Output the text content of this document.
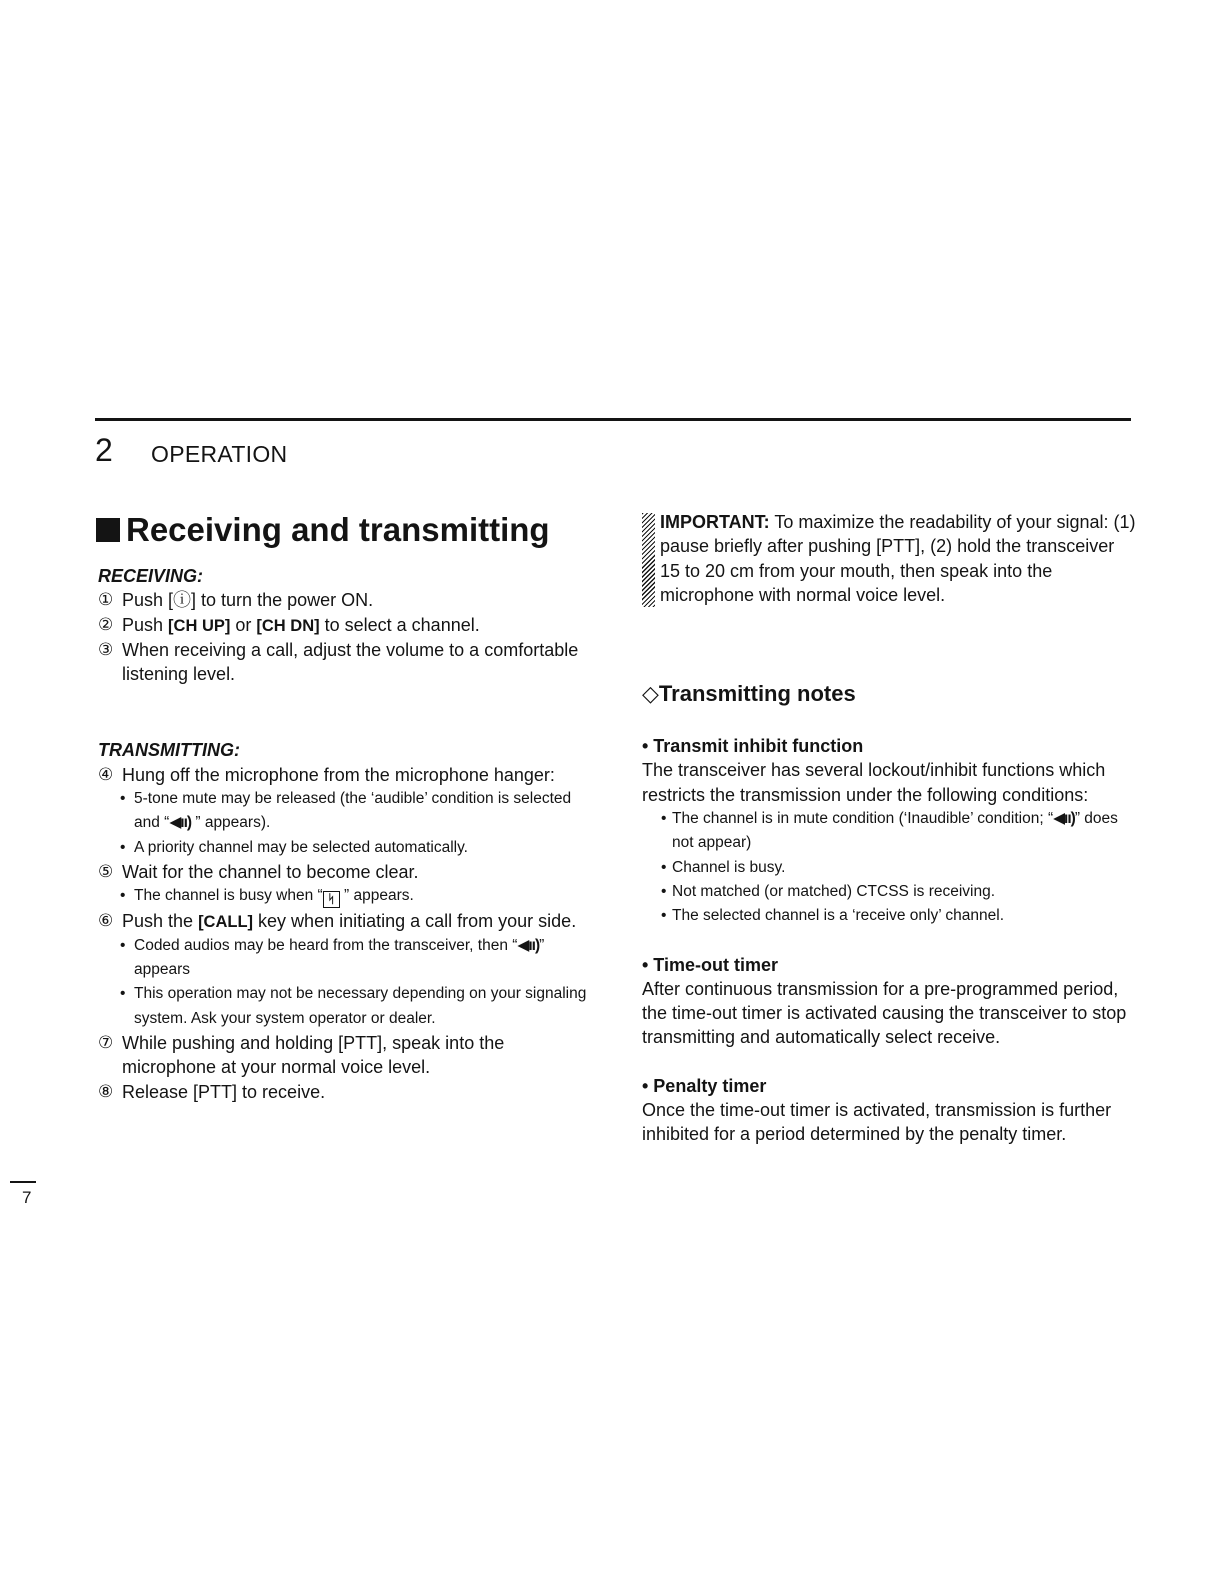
2 OPERATION
Receiving and transmitting
RECEIVING:
① Push [ⓘ] to turn the power ON.
② Push [CH UP] or [CH DN] to select a channel.
③ When receiving a call, adjust the volume to a comfortable listening level.
TRANSMITTING:
④ Hung off the microphone from the microphone hanger:
• 5-tone mute may be released (the ‘audible’ condition is selected and “◀ıı) ” appears).
• A priority channel may be selected automatically.
⑤ Wait for the channel to become clear.
• The channel is busy when “ ᛋ ” appears.
⑥ Push the [CALL] key when initiating a call from your side.
• Coded audios may be heard from the transceiver, then “◀ıı)” appears
• This operation may not be necessary depending on your signaling system. Ask your system operator or dealer.
⑦ While pushing and holding [PTT], speak into the microphone at your normal voice level.
⑧ Release [PTT] to receive.
IMPORTANT: To maximize the readability of your signal: (1) pause briefly after pushing [PTT], (2) hold the transceiver 15 to 20 cm from your mouth, then speak into the microphone with normal voice level.
◇Transmitting notes
• Transmit inhibit function
The transceiver has several lockout/inhibit functions which restricts the transmission under the following conditions:
• The channel is in mute condition (‘Inaudible’ condition; “◀ıı)” does not appear)
• Channel is busy.
• Not matched (or matched) CTCSS is receiving.
• The selected channel is a ‘receive only’ channel.
• Time-out timer
After continuous transmission for a pre-programmed period, the time-out timer is activated causing the transceiver to stop transmitting and automatically select receive.
• Penalty timer
Once the time-out timer is activated, transmission is further inhibited for a period determined by the penalty timer.
7
